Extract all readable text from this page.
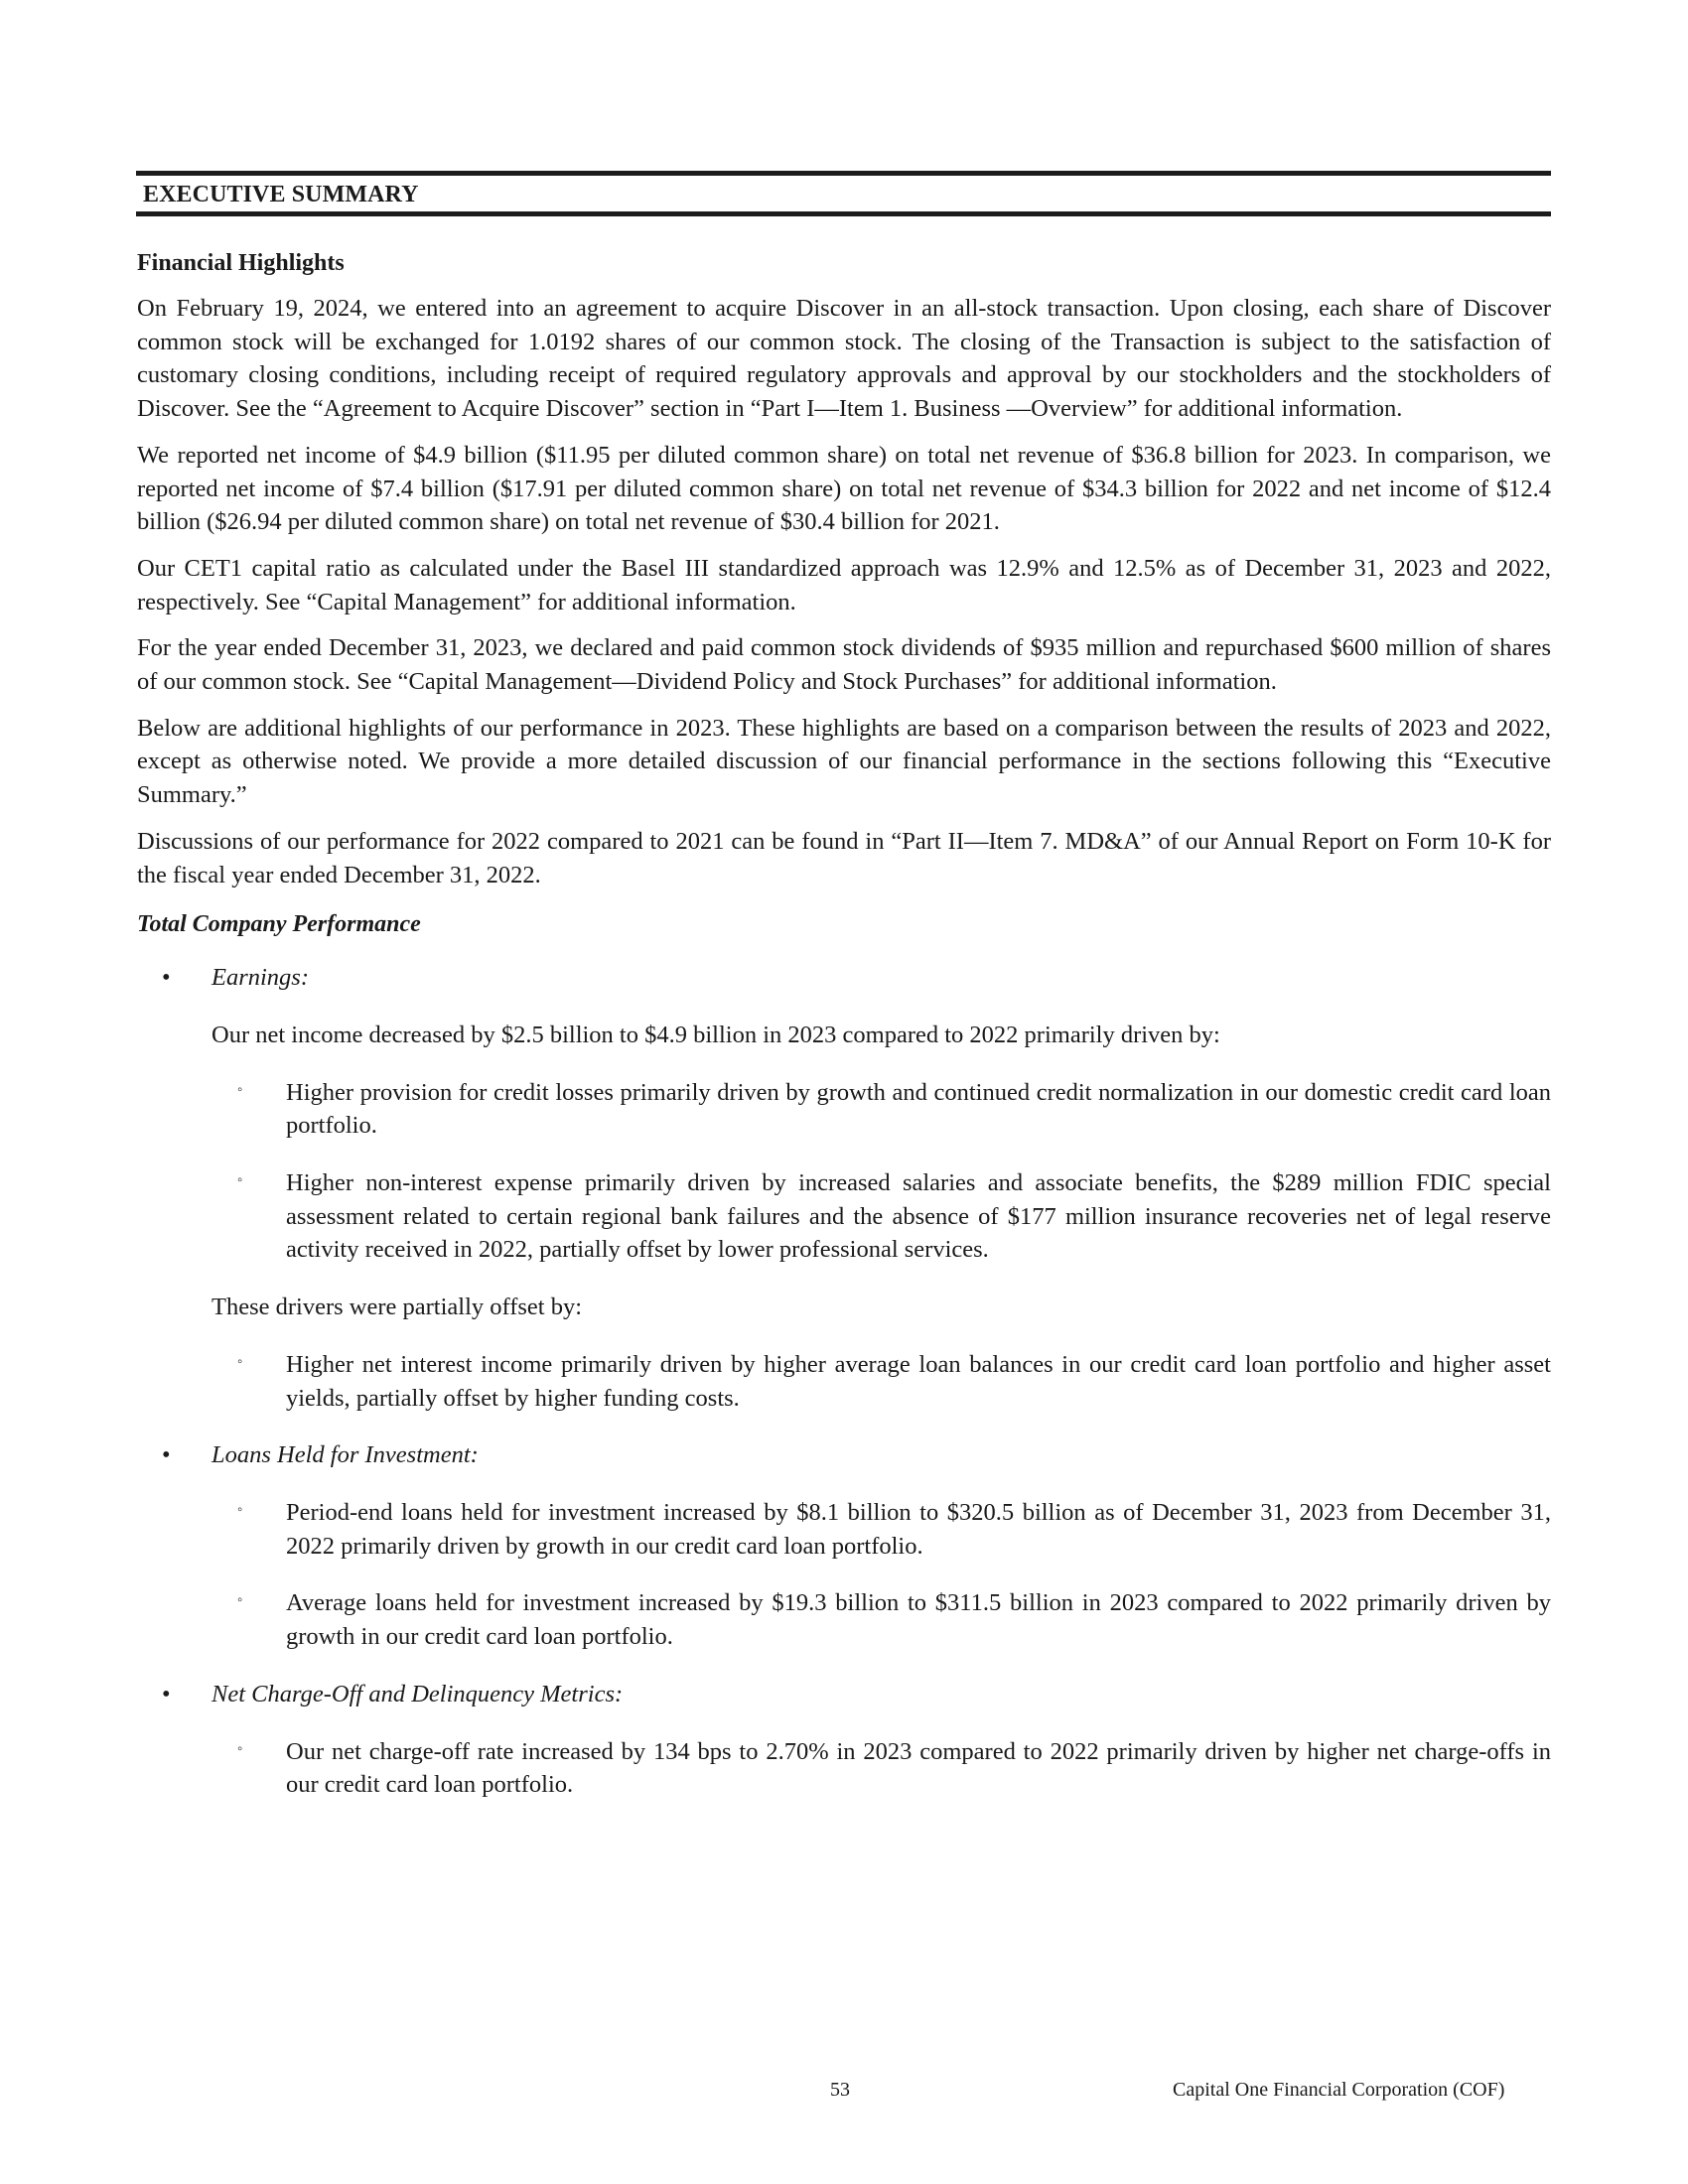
EXECUTIVE SUMMARY
Financial Highlights

On February 19, 2024, we entered into an agreement to acquire Discover in an all-stock transaction. Upon closing, each share of Discover common stock will be exchanged for 1.0192 shares of our common stock. The closing of the Transaction is subject to the satisfaction of customary closing conditions, including receipt of required regulatory approvals and approval by our stockholders and the stockholders of Discover. See the “Agreement to Acquire Discover” section in “Part I—Item 1. Business —Overview” for additional information.

We reported net income of $4.9 billion ($11.95 per diluted common share) on total net revenue of $36.8 billion for 2023. In comparison, we reported net income of $7.4 billion ($17.91 per diluted common share) on total net revenue of $34.3 billion for 2022 and net income of $12.4 billion ($26.94 per diluted common share) on total net revenue of $30.4 billion for 2021.

Our CET1 capital ratio as calculated under the Basel III standardized approach was 12.9% and 12.5% as of December 31, 2023 and 2022, respectively. See “Capital Management” for additional information.

For the year ended December 31, 2023, we declared and paid common stock dividends of $935 million and repurchased $600 million of shares of our common stock. See “Capital Management—Dividend Policy and Stock Purchases” for additional information.

Below are additional highlights of our performance in 2023. These highlights are based on a comparison between the results of 2023 and 2022, except as otherwise noted. We provide a more detailed discussion of our financial performance in the sections following this “Executive Summary.”

Discussions of our performance for 2022 compared to 2021 can be found in “Part II—Item 7. MD&A” of our Annual Report on Form 10-K for the fiscal year ended December 31, 2022.

Total Company Performance
• Earnings:
Our net income decreased by $2.5 billion to $4.9 billion in 2023 compared to 2022 primarily driven by:
◦ Higher provision for credit losses primarily driven by growth and continued credit normalization in our domestic credit card loan portfolio.
◦ Higher non-interest expense primarily driven by increased salaries and associate benefits, the $289 million FDIC special assessment related to certain regional bank failures and the absence of $177 million insurance recoveries net of legal reserve activity received in 2022, partially offset by lower professional services.
These drivers were partially offset by:
◦ Higher net interest income primarily driven by higher average loan balances in our credit card loan portfolio and higher asset yields, partially offset by higher funding costs.
• Loans Held for Investment:
◦ Period-end loans held for investment increased by $8.1 billion to $320.5 billion as of December 31, 2023 from December 31, 2022 primarily driven by growth in our credit card loan portfolio.
◦ Average loans held for investment increased by $19.3 billion to $311.5 billion in 2023 compared to 2022 primarily driven by growth in our credit card loan portfolio.
• Net Charge-Off and Delinquency Metrics:
◦ Our net charge-off rate increased by 134 bps to 2.70% in 2023 compared to 2022 primarily driven by higher net charge-offs in our credit card loan portfolio.
53	Capital One Financial Corporation (COF)
